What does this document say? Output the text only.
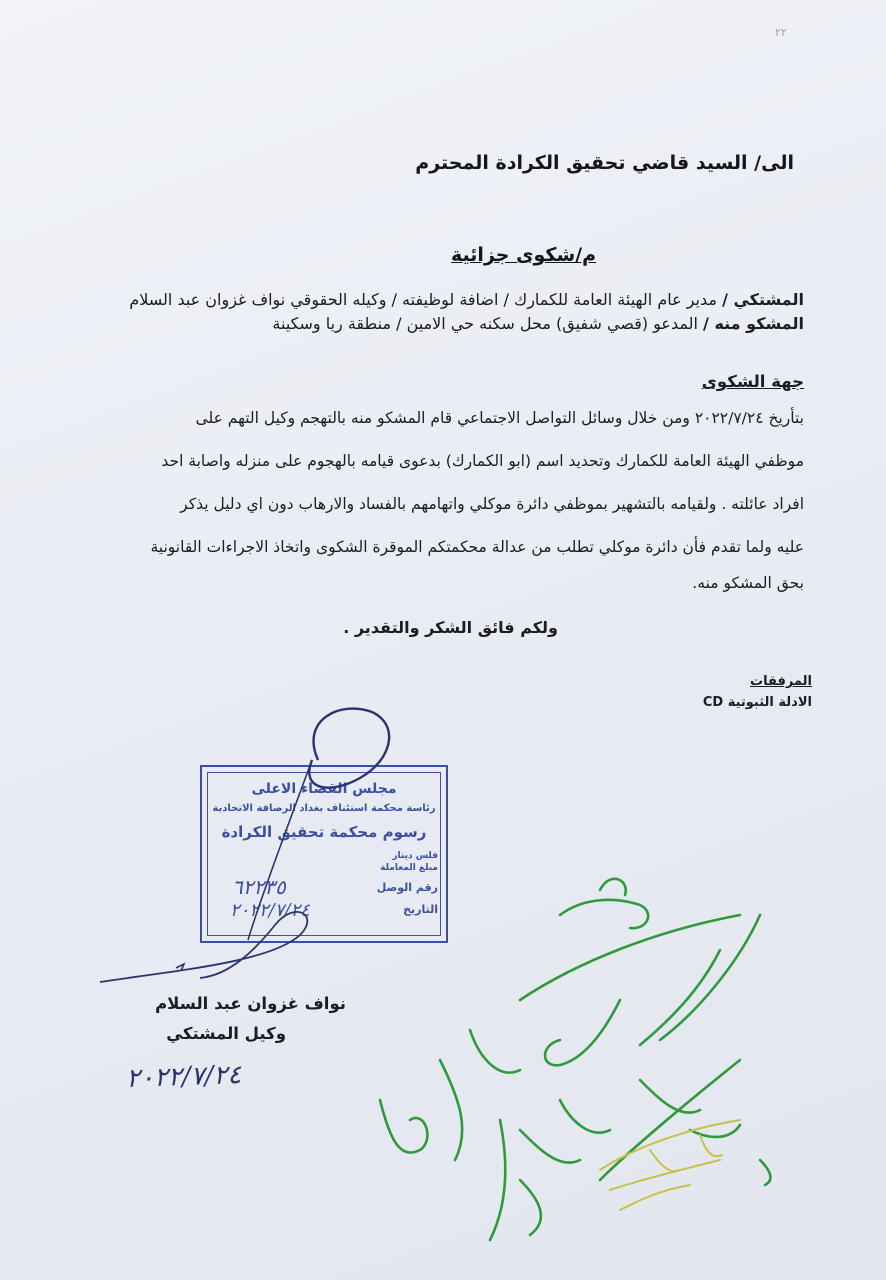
٢٢
الى/ السيد قاضي تحقيق الكرادة المحترم
م/شكوى جزائية
المشتكي / مدير عام الهيئة العامة للكمارك / اضافة لوظيفته / وكيله الحقوقي نواف غزوان عبد السلام
المشكو منه / المدعو (قصي شفيق) محل سكنه حي الامين / منطقة ريا وسكينة
جهة الشكوى
بتأريخ ٢٠٢٢/٧/٢٤ ومن خلال وسائل التواصل الاجتماعي قام المشكو منه بالتهجم وكيل التهم على
موظفي الهيئة العامة للكمارك وتحديد اسم (ابو الكمارك) بدعوى قيامه بالهجوم على منزله واصابة احد
افراد عائلته . ولقيامه بالتشهير بموظفي دائرة موكلي واتهامهم بالفساد والارهاب دون اي دليل يذكر
عليه ولما تقدم فأن دائرة موكلي تطلب من عدالة محكمتكم الموقرة الشكوى واتخاذ الاجراءات القانونية
بحق المشكو منه.
ولكم فائق الشكر والتقدير .
المرفقات
الادلة الثبوتية CD
مجلس القضاء الاعلى
رئاسة محكمة استئناف بغداد الرصافة الاتحادية
رسوم محكمة تحقيق الكرادة
فلس دينار
مبلغ المعاملة
رقم الوصل
التاريخ
٦٢٢٣٥
٢٠٢٢/٧/٢٤
نواف غزوان عبد السلام
وكيل المشتكي
٢٠٢٢/٧/٢٤
